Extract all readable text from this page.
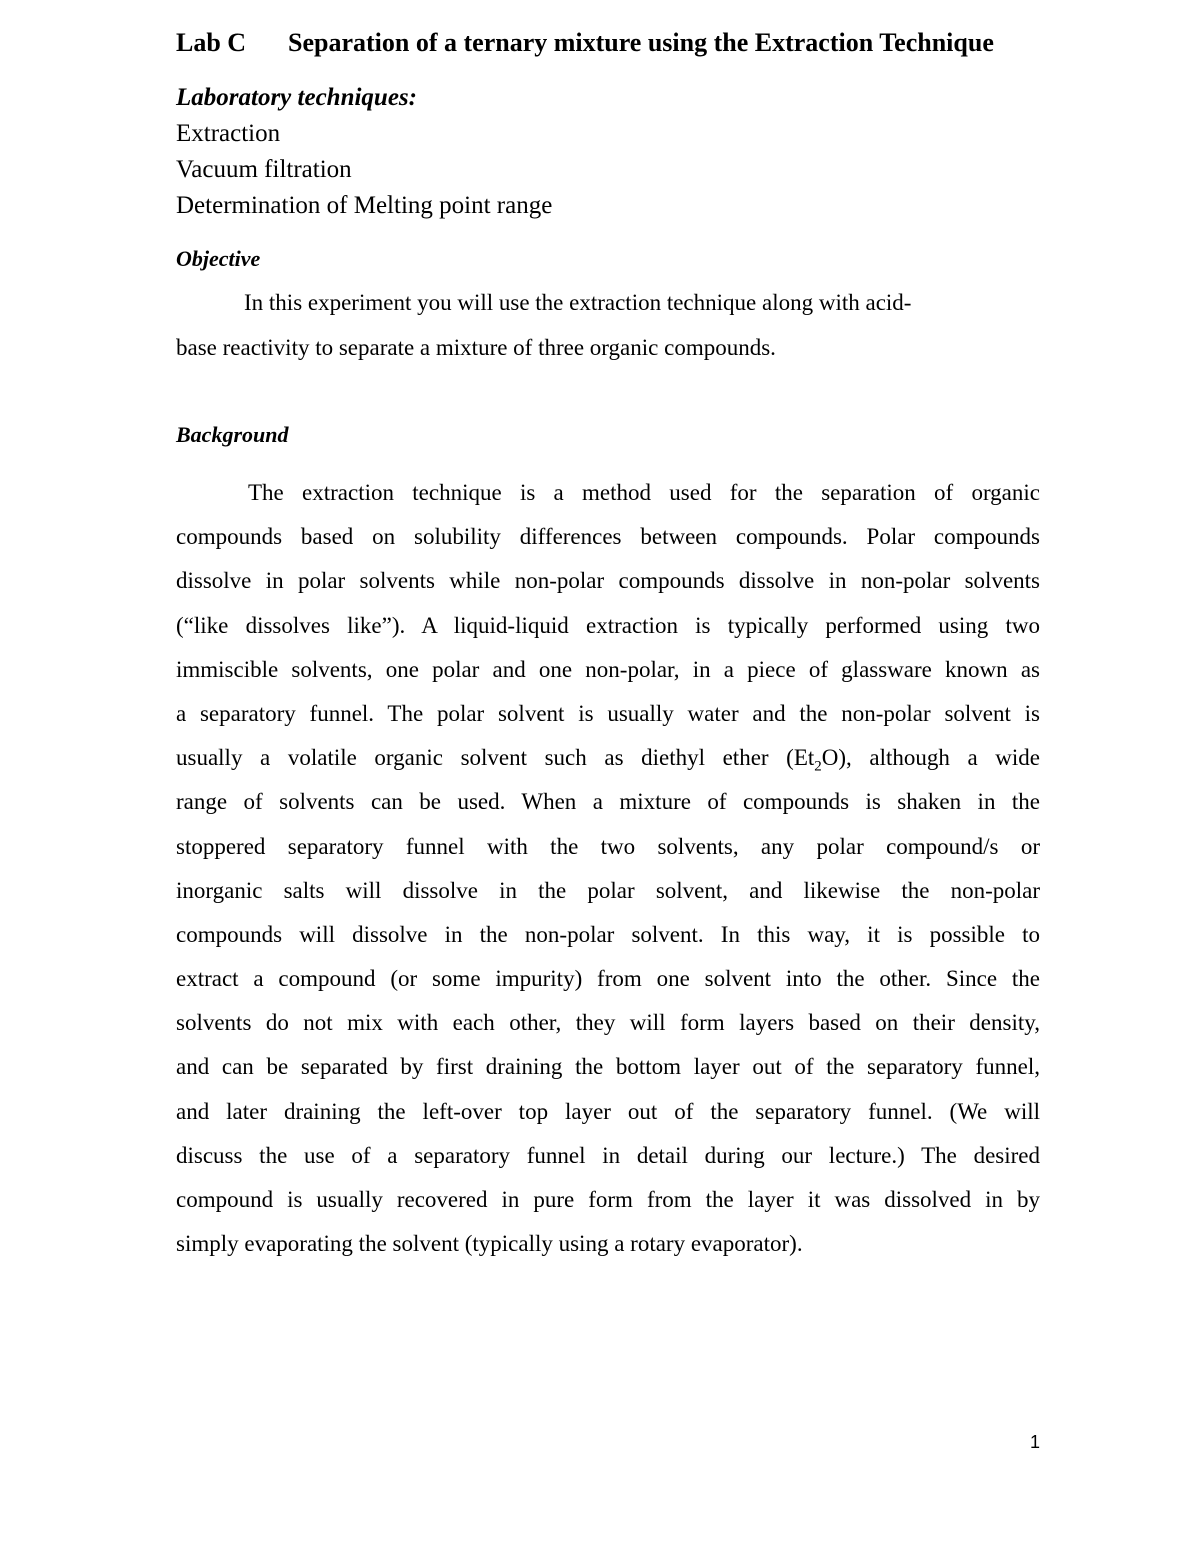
Lab C Separation of a ternary mixture using the Extraction Technique
Laboratory techniques:
Extraction
Vacuum filtration
Determination of Melting point range
Objective
In this experiment you will use the extraction technique along with acid-
base reactivity to separate a mixture of three organic compounds.
Background
The extraction technique is a method used for the separation of organic
compounds based on solubility differences between compounds. Polar compounds
dissolve in polar solvents while non-polar compounds dissolve in non-polar solvents
(“like dissolves like”). A liquid-liquid extraction is typically performed using two
immiscible solvents, one polar and one non-polar, in a piece of glassware known as
a separatory funnel. The polar solvent is usually water and the non-polar solvent is
usually a volatile organic solvent such as diethyl ether $(Et_2O)$, although a wide
range of solvents can be used. When a mixture of compounds is shaken in the
stoppered separatory funnel with the two solvents, any polar compound/s or
inorganic salts will dissolve in the polar solvent, and likewise the non-polar
compounds will dissolve in the non-polar solvent. In this way, it is possible to
extract a compound (or some impurity) from one solvent into the other. Since the
solvents do not mix with each other, they will form layers based on their density,
and can be separated by first draining the bottom layer out of the separatory funnel,
and later draining the left-over top layer out of the separatory funnel. (We will
discuss the use of a separatory funnel in detail during our lecture.) The desired
compound is usually recovered in pure form from the layer it was dissolved in by
simply evaporating the solvent (typically using a rotary evaporator).
1
